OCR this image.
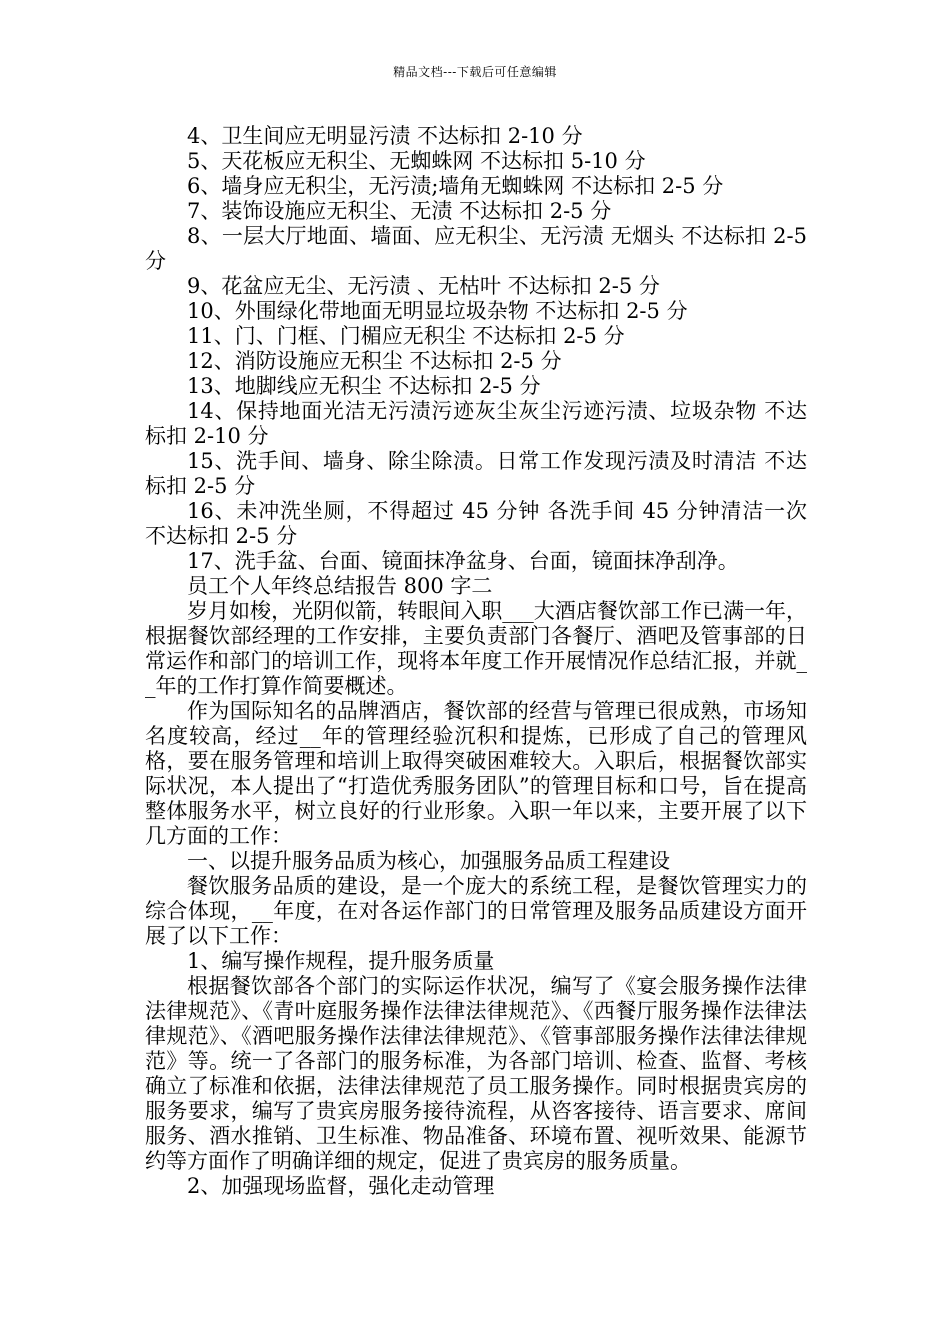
精品文档---下载后可任意编辑

4、卫生间应无明显污渍 不达标扣 2-10 分

5、天花板应无积尘、无蜘蛛网 不达标扣 5-10 分

6、墙身应无积尘，无污渍;墙角无蜘蛛网 不达标扣 2-5 分

7、装饰设施应无积尘、无渍 不达标扣 2-5 分

8、一层大厅地面、墙面、应无积尘、无污渍 无烟头 不达标扣 2-5 分

9、花盆应无尘、无污渍 、无枯叶 不达标扣 2-5 分

10、外围绿化带地面无明显垃圾杂物 不达标扣 2-5 分

11、门、门框、门楣应无积尘 不达标扣 2-5 分

12、消防设施应无积尘 不达标扣 2-5 分

13、地脚线应无积尘 不达标扣 2-5 分

14、保持地面光洁无污渍污迹灰尘灰尘污迹污渍、垃圾杂物 不达标扣 2-10 分

15、洗手间、墙身、除尘除渍。日常工作发现污渍及时清洁 不达标扣 2-5 分

16、未冲洗坐厕，不得超过 45 分钟 各洗手间 45 分钟清洁一次 不达标扣 2-5 分

17、洗手盆、台面、镜面抹净盆身、台面，镜面抹净刮净。

员工个人年终总结报告 800 字二

岁月如梭，光阴似箭，转眼间入职___大酒店餐饮部工作已满一年，根据餐饮部经理的工作安排，主要负责部门各餐厅、酒吧及管事部的日常运作和部门的培训工作，现将本年度工作开展情况作总结汇报，并就__年的工作打算作简要概述。

作为国际知名的品牌酒店，餐饮部的经营与管理已很成熟，市场知名度较高，经过__年的管理经验沉积和提炼，已形成了自己的管理风格，要在服务管理和培训上取得突破困难较大。入职后，根据餐饮部实际状况，本人提出了“打造优秀服务团队”的管理目标和口号，旨在提高整体服务水平，树立良好的行业形象。入职一年以来，主要开展了以下几方面的工作：

一、以提升服务品质为核心，加强服务品质工程建设

餐饮服务品质的建设，是一个庞大的系统工程，是餐饮管理实力的综合体现，__年度，在对各运作部门的日常管理及服务品质建设方面开展了以下工作：

1、编写操作规程，提升服务质量

根据餐饮部各个部门的实际运作状况，编写了《宴会服务操作法律法律规范》、《青叶庭服务操作法律法律规范》、《西餐厅服务操作法律法律规范》、《酒吧服务操作法律法律规范》、《管事部服务操作法律法律规范》等。统一了各部门的服务标准，为各部门培训、检查、监督、考核确立了标准和依据，法律法律规范了员工服务操作。同时根据贵宾房的服务要求，编写了贵宾房服务接待流程，从咨客接待、语言要求、席间服务、酒水推销、卫生标准、物品准备、环境布置、视听效果、能源节约等方面作了明确详细的规定，促进了贵宾房的服务质量。

2、加强现场监督，强化走动管理
